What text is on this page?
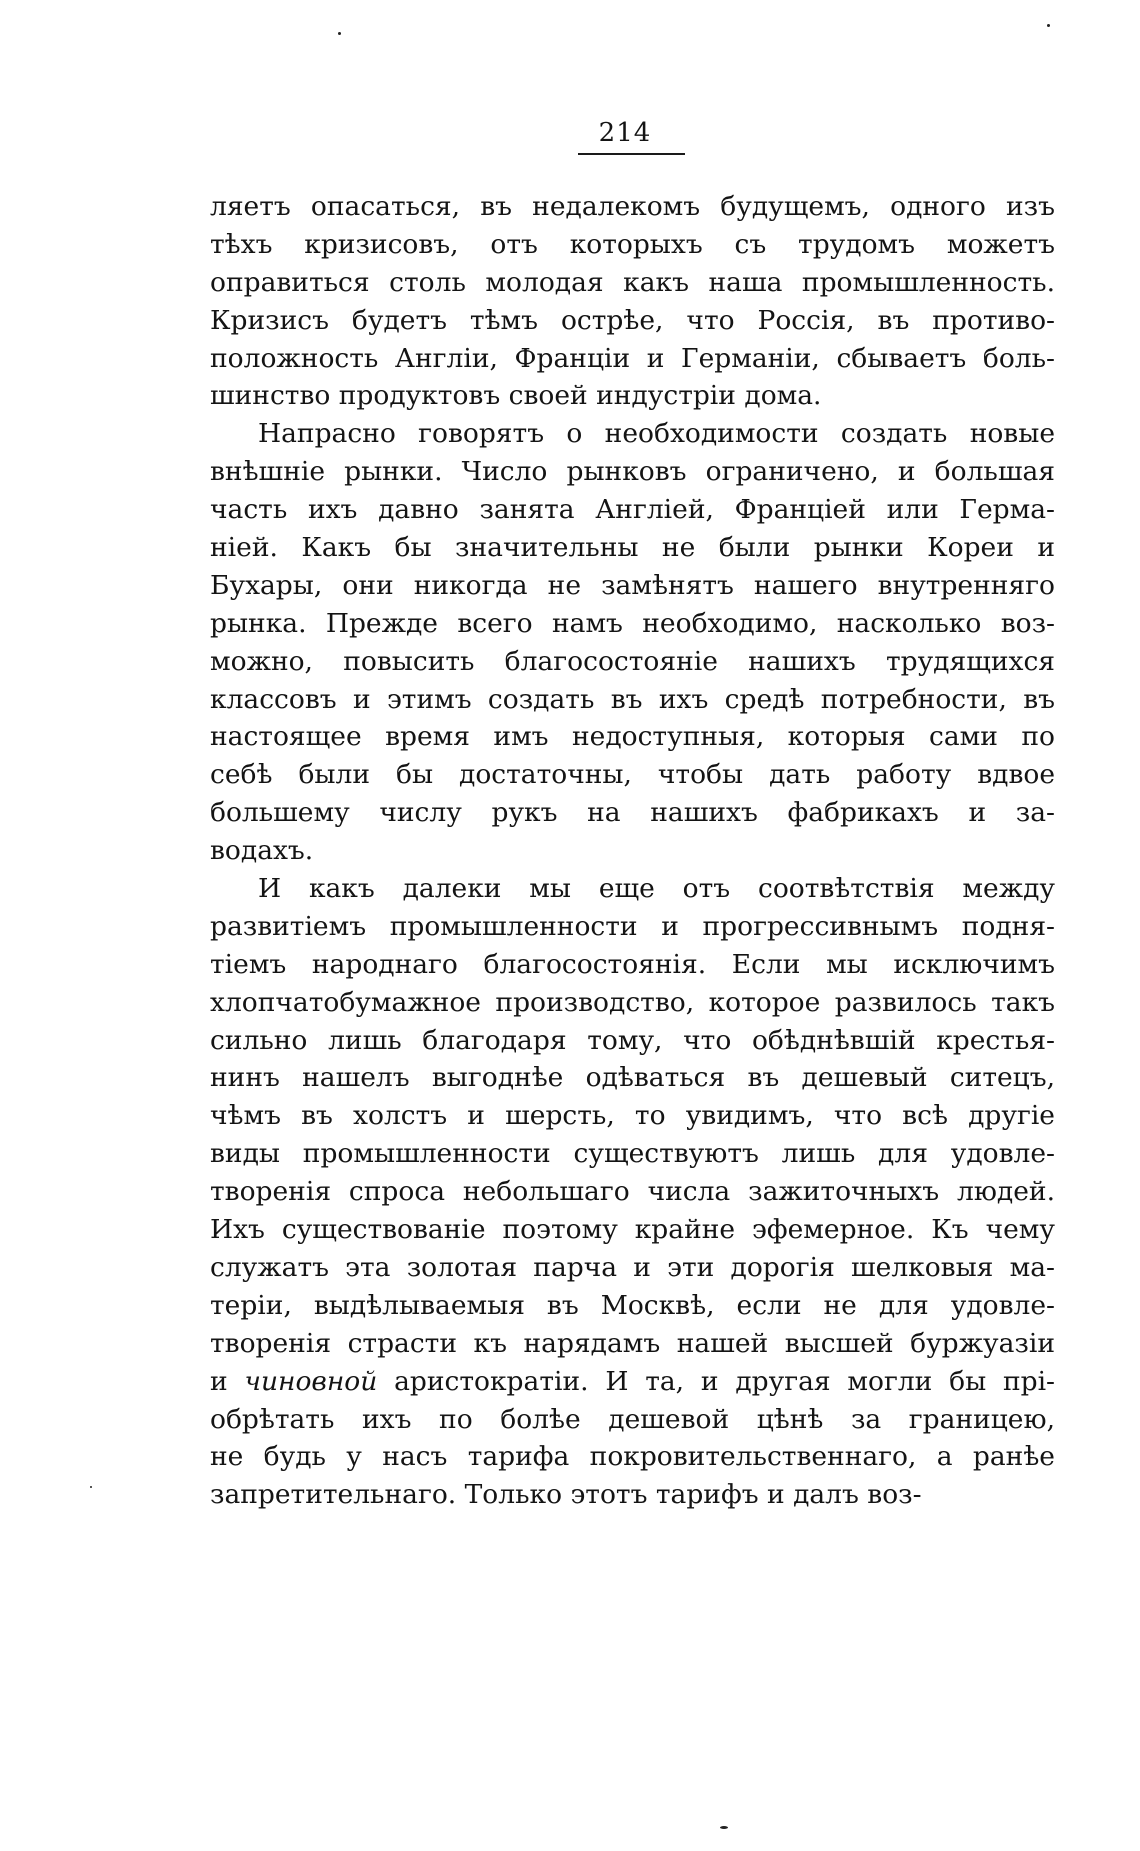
214
ляетъ опасаться, въ недалекомъ будущемъ, одного изъ
тѣхъ кризисовъ, отъ которыхъ съ трудомъ можетъ
оправиться столь молодая какъ наша промышленность.
Кризисъ будетъ тѣмъ острѣе, что Россія, въ противо-
положность Англіи, Франціи и Германіи, сбываетъ боль-
шинство продуктовъ своей индустріи дома.
Напрасно говорятъ о необходимости создать новые
внѣшніе рынки. Число рынковъ ограничено, и большая
часть ихъ давно занята Англіей, Франціей или Герма-
ніей. Какъ бы значительны не были рынки Кореи и
Бухары, они никогда не замѣнятъ нашего внутренняго
рынка. Прежде всего намъ необходимо, насколько воз-
можно, повысить благосостояніе нашихъ трудящихся
классовъ и этимъ создать въ ихъ средѣ потребности, въ
настоящее время имъ недоступныя, которыя сами по
себѣ были бы достаточны, чтобы дать работу вдвое
большему числу рукъ на нашихъ фабрикахъ и за-
водахъ.
И какъ далеки мы еще отъ соотвѣтствія между
развитіемъ промышленности и прогрессивнымъ подня-
тіемъ народнаго благосостоянія. Если мы исключимъ
хлопчатобумажное производство, которое развилось такъ
сильно лишь благодаря тому, что обѣднѣвшій крестья-
нинъ нашелъ выгоднѣе одѣваться въ дешевый ситецъ,
чѣмъ въ холстъ и шерсть, то увидимъ, что всѣ другіе
виды промышленности существуютъ лишь для удовле-
творенія спроса небольшаго числа зажиточныхъ людей.
Ихъ существованіе поэтому крайне эфемерное. Къ чему
служатъ эта золотая парча и эти дорогія шелковыя ма-
теріи, выдѣлываемыя въ Москвѣ, если не для удовле-
творенія страсти къ нарядамъ нашей высшей буржуазіи
и чиновной аристократіи. И та, и другая могли бы прі-
обрѣтать ихъ по болѣе дешевой цѣнѣ за границею,
не будь у насъ тарифа покровительственнаго, а ранѣе
запретительнаго. Только этотъ тарифъ и далъ воз-
